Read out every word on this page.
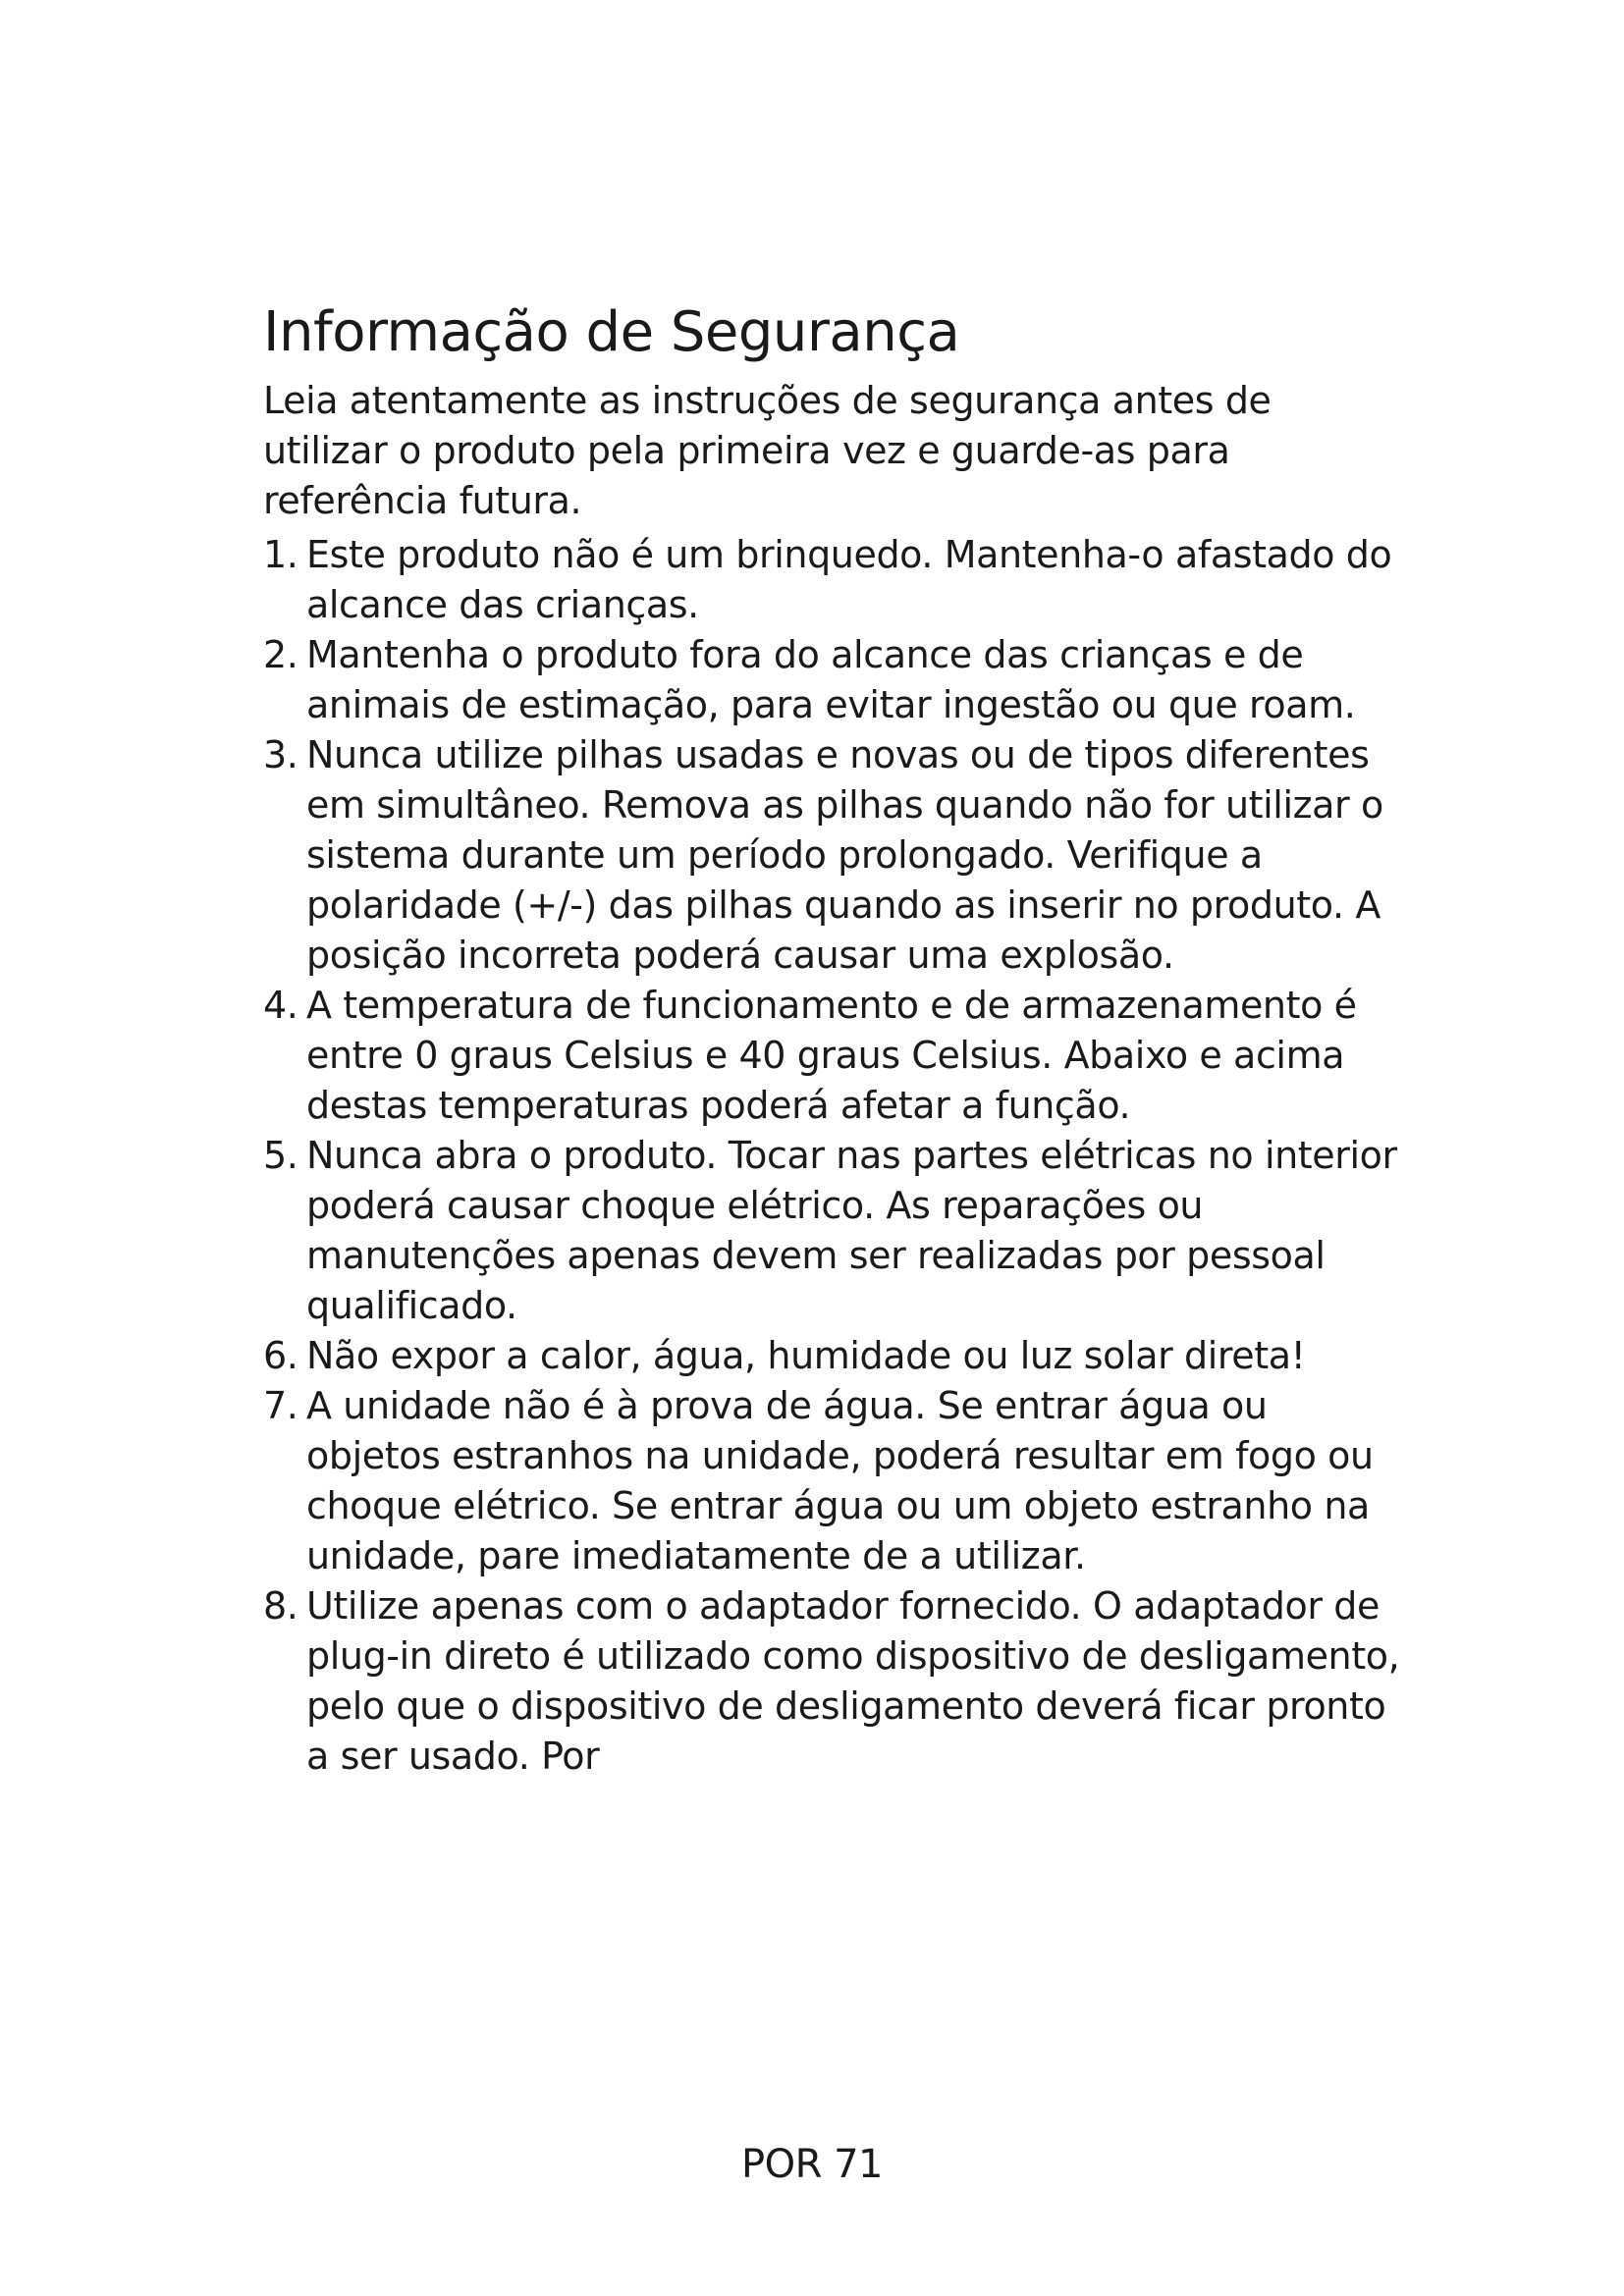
Informação de Segurança

Leia atentamente as instruções de segurança antes de utilizar o produto pela primeira vez e guarde-as para referência futura.

1. Este produto não é um brinquedo. Mantenha-o afastado do alcance das crianças.
2. Mantenha o produto fora do alcance das crianças e de animais de estimação, para evitar ingestão ou que roam.
3. Nunca utilize pilhas usadas e novas ou de tipos diferentes em simultâneo. Remova as pilhas quando não for utilizar o sistema durante um período prolongado. Verifique a polaridade (+/-) das pilhas quando as inserir no produto. A posição incorreta poderá causar uma explosão.
4. A temperatura de funcionamento e de armazenamento é entre 0 graus Celsius e 40 graus Celsius. Abaixo e acima destas temperaturas poderá afetar a função.
5. Nunca abra o produto. Tocar nas partes elétricas no interior poderá causar choque elétrico. As reparações ou manutenções apenas devem ser realizadas por pessoal qualificado.
6. Não expor a calor, água, humidade ou luz solar direta!
7. A unidade não é à prova de água. Se entrar água ou objetos estranhos na unidade, poderá resultar em fogo ou choque elétrico. Se entrar água ou um objeto estranho na unidade, pare imediatamente de a utilizar.
8. Utilize apenas com o adaptador fornecido. O adaptador de plug-in direto é utilizado como dispositivo de desligamento, pelo que o dispositivo de desligamento deverá ficar pronto a ser usado. Por
POR 71
